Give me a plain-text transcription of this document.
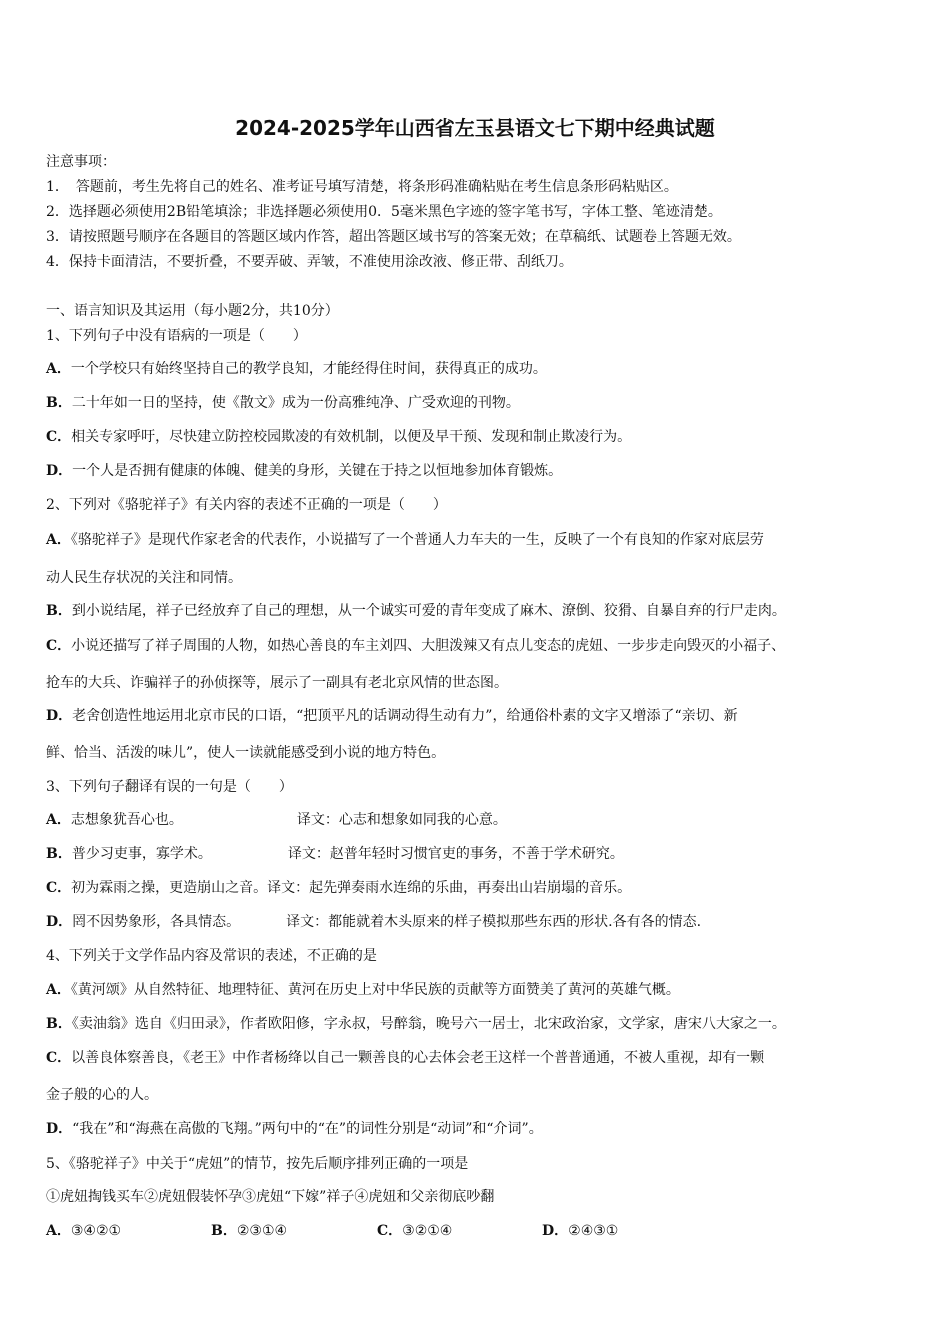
2024-2025学年山西省左玉县语文七下期中经典试题
注意事项：
1．　答题前，考生先将自己的姓名、准考证号填写清楚，将条形码准确粘贴在考生信息条形码粘贴区。
2．选择题必须使用2B铅笔填涂；非选择题必须使用0．5毫米黑色字迹的签字笔书写，字体工整、笔迹清楚。
3．请按照题号顺序在各题目的答题区域内作答，超出答题区域书写的答案无效；在草稿纸、试题卷上答题无效。
4．保持卡面清洁，不要折叠，不要弄破、弄皱，不准使用涂改液、修正带、刮纸刀。
一、语言知识及其运用（每小题2分，共10分）
1、下列句子中没有语病的一项是（　　）
A．一个学校只有始终坚持自己的教学良知，才能经得住时间，获得真正的成功。
B．二十年如一日的坚持，使《散文》成为一份高雅纯净、广受欢迎的刊物。
C．相关专家呼吁，尽快建立防控校园欺凌的有效机制，以便及早干预、发现和制止欺凌行为。
D．一个人是否拥有健康的体魄、健美的身形，关键在于持之以恒地参加体育锻炼。
2、下列对《骆驼祥子》有关内容的表述不正确的一项是（　　）
A．《骆驼祥子》是现代作家老舍的代表作，小说描写了一个普通人力车夫的一生，反映了一个有良知的作家对底层劳
动人民生存状况的关注和同情。
B．到小说结尾，祥子已经放弃了自己的理想，从一个诚实可爱的青年变成了麻木、潦倒、狡猾、自暴自弃的行尸走肉。
C．小说还描写了祥子周围的人物，如热心善良的车主刘四、大胆泼辣又有点儿变态的虎妞、一步步走向毁灭的小福子、
抢车的大兵、诈骗祥子的孙侦探等，展示了一副具有老北京风情的世态图。
D．老舍创造性地运用北京市民的口语，“把顶平凡的话调动得生动有力”，给通俗朴素的文字又增添了“亲切、新
鲜、恰当、活泼的味儿”，使人一读就能感受到小说的地方特色。
3、下列句子翻译有误的一句是（　　）
A．志想象犹吾心也。	译文：心志和想象如同我的心意。
B．普少习吏事，寡学术。	译文：赵普年轻时习惯官吏的事务，不善于学术研究。
C．初为霖雨之操，更造崩山之音。译文：起先弹奏雨水连绵的乐曲，再奏出山岩崩塌的音乐。
D．罔不因势象形，各具情态。	译文：都能就着木头原来的样子模拟那些东西的形状.各有各的情态.
4、下列关于文学作品内容及常识的表述，不正确的是
A．《黄河颂》从自然特征、地理特征、黄河在历史上对中华民族的贡献等方面赞美了黄河的英雄气概。
B．《卖油翁》选自《归田录》，作者欧阳修，字永叔，号醉翁，晚号六一居士，北宋政治家，文学家，唐宋八大家之一。
C．以善良体察善良，《老王》中作者杨绛以自己一颗善良的心去体会老王这样一个普普通通，不被人重视，却有一颗
金子般的心的人。
D．“我在”和“海燕在高傲的飞翔。”两句中的“在”的词性分别是“动词”和“介词”。
5、《骆驼祥子》中关于“虎妞”的情节，按先后顺序排列正确的一项是
①虎妞掏钱买车②虎妞假装怀孕③虎妞“下嫁”祥子④虎妞和父亲彻底吵翻
A．③④②①	B．②③①④	C．③②①④	D．②④③①
